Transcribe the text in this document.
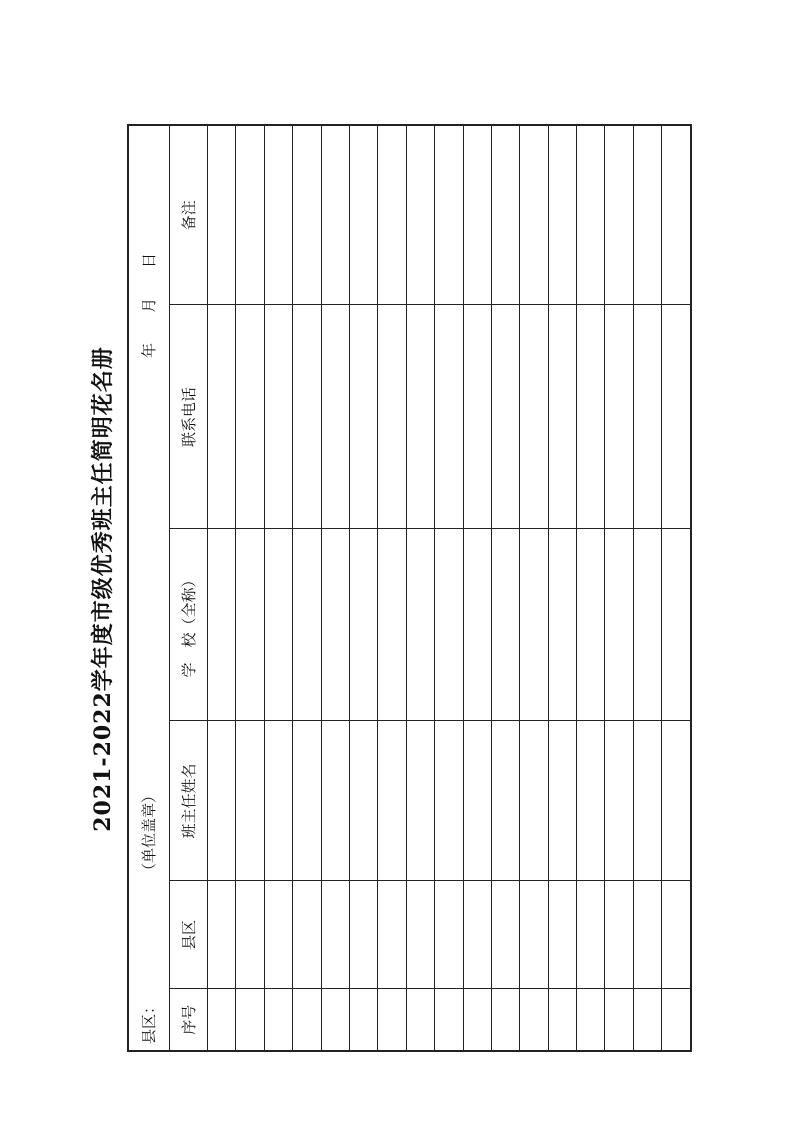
2021-2022学年度市级优秀班主任简明花名册
县区：
（单位盖章）
年　　月　　日					

序号	县区	班主任姓名	学　校（全称）	联系电话	备注
